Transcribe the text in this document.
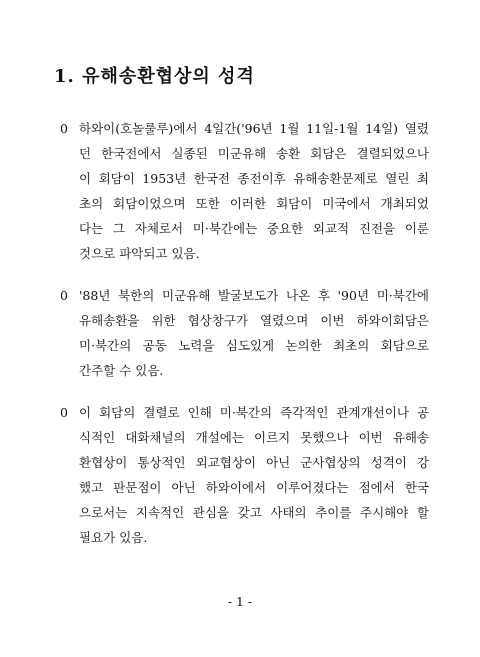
1. 유해송환협상의 성격
0 하와이(호놀룰루)에서 4일간('96년 1월 11일-1월 14일) 열렸
던 한국전에서 실종된 미군유해 송환 회담은 결렬되었으나
이 회담이 1953년 한국전 종전이후 유해송환문제로 열린 최
초의 회담이었으며 또한 이러한 회담이 미국에서 개최되었
다는 그 자체로서 미·북간에는 중요한 외교적 진전을 이룬
것으로 파악되고 있음.
0 '88년 북한의 미군유해 발굴보도가 나온 후 '90년 미·북간에
유해송환을 위한 협상창구가 열렸으며 이번 하와이회담은
미·북간의 공동 노력을 심도있게 논의한 최초의 회담으로
간주할 수 있음.
0 이 회담의 결렬로 인해 미·북간의 즉각적인 관계개선이나 공
식적인 대화채널의 개설에는 이르지 못했으나 이번 유해송
환협상이 통상적인 외교협상이 아닌 군사협상의 성격이 강
했고 판문점이 아닌 하와이에서 이루어졌다는 점에서 한국
으로서는 지속적인 관심을 갖고 사태의 추이를 주시해야 할
필요가 있음.
- 1 -
